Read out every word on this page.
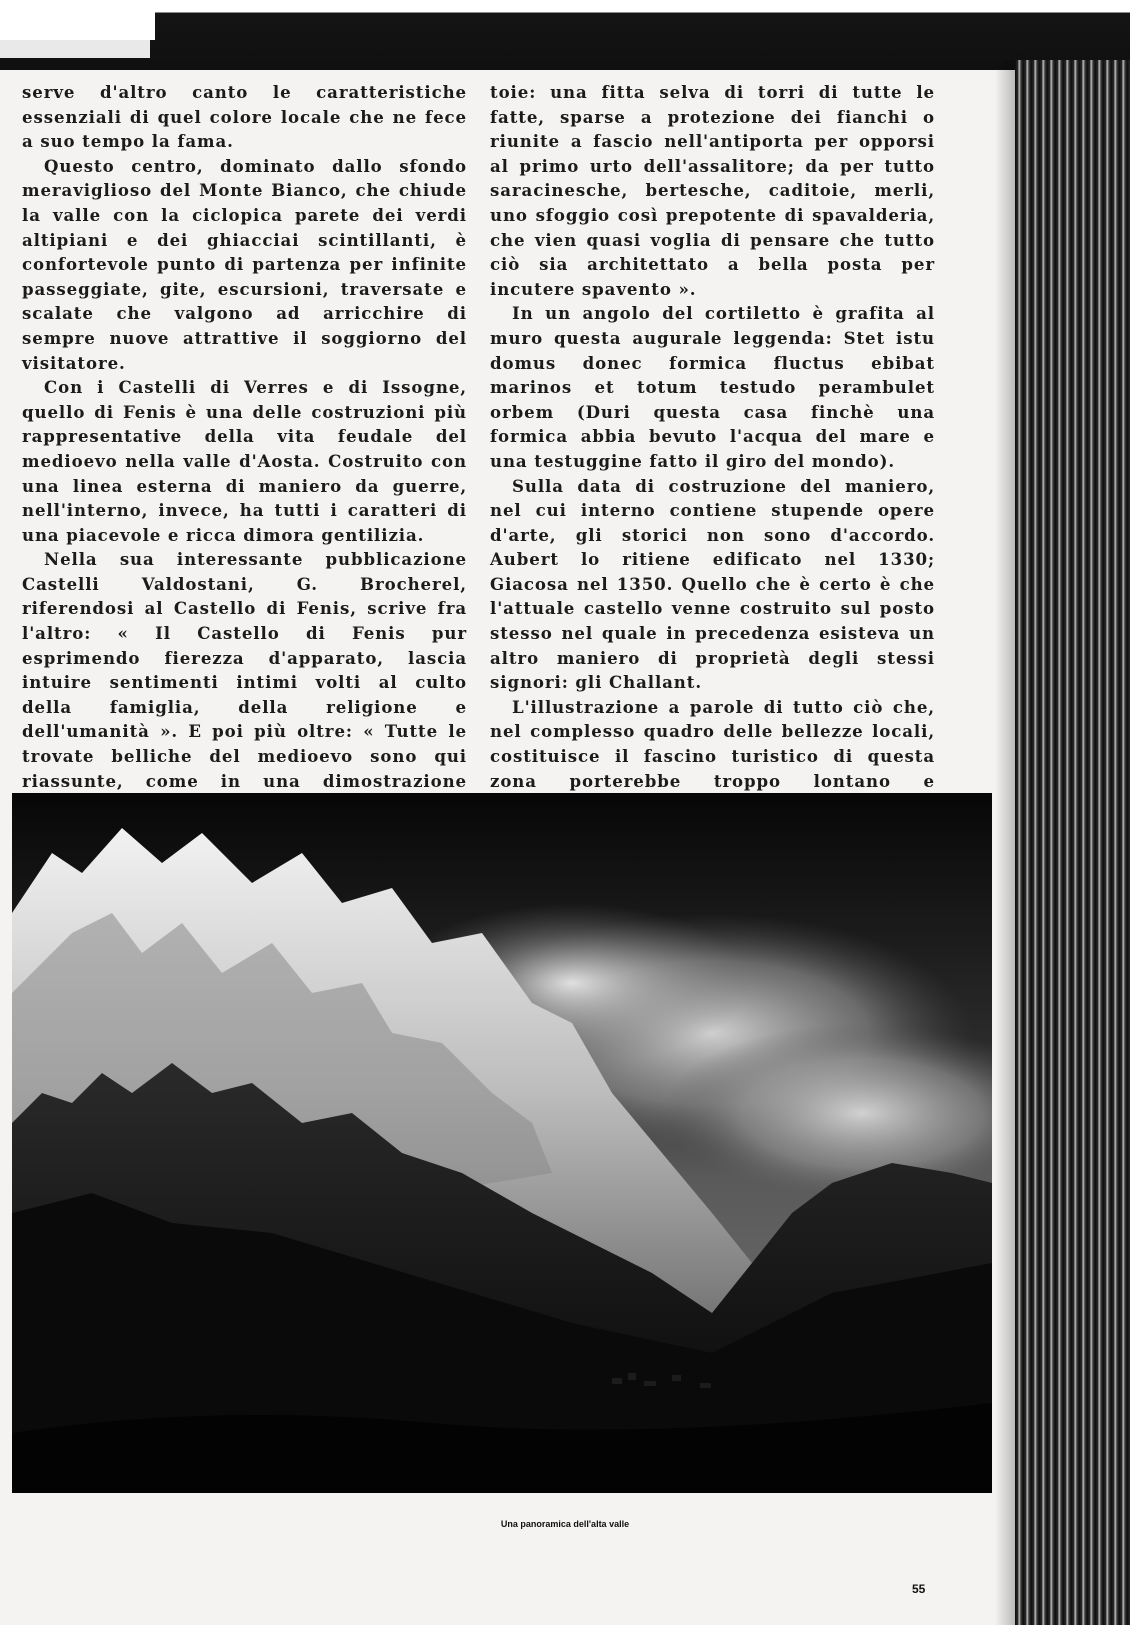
serve d'altro canto le caratteristiche essenziali di quel colore locale che ne fece a suo tempo la fama.

Questo centro, dominato dallo sfondo meraviglioso del Monte Bianco, che chiude la valle con la ciclopica parete dei verdi altipiani e dei ghiacciai scintillanti, è confortevole punto di partenza per infinite passeggiate, gite, escursioni, traversate e scalate che valgono ad arricchire di sempre nuove attrattive il soggiorno del visitatore.

Con i Castelli di Verres e di Issogne, quello di Fenis è una delle costruzioni più rappresentative della vita feudale del medioevo nella valle d'Aosta. Costruito con una linea esterna di maniero da guerre, nell'interno, invece, ha tutti i caratteri di una piacevole e ricca dimora gentilizia.

Nella sua interessante pubblicazione Castelli Valdostani, G. Brocherel, riferendosi al Castello di Fenis, scrive fra l'altro: « Il Castello di Fenis pur esprimendo fierezza d'apparato, lascia intuire sentimenti intimi volti al culto della famiglia, della religione e dell'umanità ». E poi più oltre: « Tutte le trovate belliche del medioevo sono qui riassunte, come in una dimostrazione

toie: una fitta selva di torri di tutte le fatte, sparse a protezione dei fianchi o riunite a fascio nell'antiporta per opporsi al primo urto dell'assalitore; da per tutto saracinesche, bertesche, caditoie, merli, uno sfoggio così prepotente di spavalderia, che vien quasi voglia di pensare che tutto ciò sia architettato a bella posta per incutere spavento ».

In un angolo del cortiletto è grafita al muro questa augurale leggenda: Stet istu domus donec formica fluctus ebibat marinos et totum testudo perambulet orbem (Duri questa casa finchè una formica abbia bevuto l'acqua del mare e una testuggine fatto il giro del mondo).

Sulla data di costruzione del maniero, nel cui interno contiene stupende opere d'arte, gli storici non sono d'accordo. Aubert lo ritiene edificato nel 1330; Giacosa nel 1350. Quello che è certo è che l'attuale castello venne costruito sul posto stesso nel quale in precedenza esisteva un altro maniero di proprietà degli stessi signori: gli Challant.

L'illustrazione a parole di tutto ciò che, nel complesso quadro delle bellezze locali, costituisce il fascino turistico di questa zona porterebbe troppo lontano e

Una panoramica dell'alta valle
55
